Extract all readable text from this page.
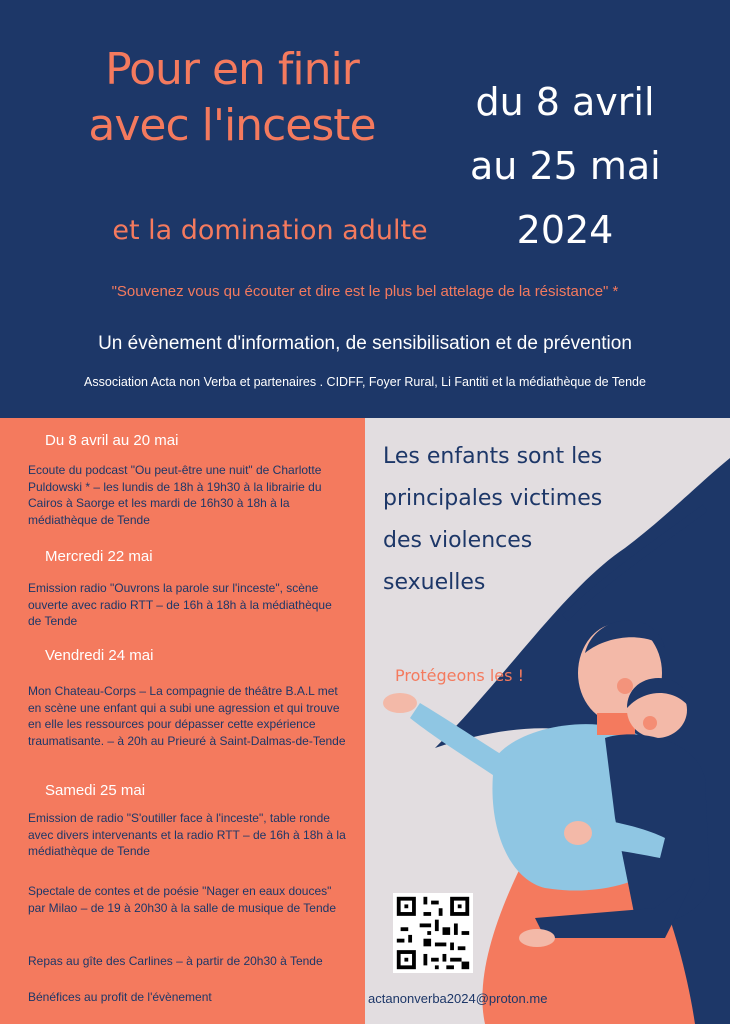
Pour en finir
avec l'inceste
et la domination adulte
du 8 avril
au 25 mai
2024
"Souvenez vous qu écouter et dire est le plus bel attelage de la résistance" *
Un évènement d'information, de sensibilisation et de prévention
Association Acta non Verba et partenaires . CIDFF, Foyer Rural, Li Fantiti et la médiathèque de Tende
Du 8 avril au 20 mai
Ecoute du podcast "Ou peut-être une nuit" de Charlotte Puldowski * – les lundis de 18h à 19h30 à la librairie du Cairos à Saorge et les mardi de 16h30 à 18h à la médiathèque de Tende
Mercredi 22 mai
Emission radio "Ouvrons la parole sur l'inceste", scène ouverte avec radio RTT – de 16h à 18h à la médiathèque de Tende
Vendredi 24 mai
Mon Chateau-Corps – La compagnie de théâtre B.A.L met en scène une enfant qui a subi une agression et qui trouve en elle les ressources pour dépasser cette expérience traumatisante. – à 20h au Prieuré à Saint-Dalmas-de-Tende
Samedi 25 mai
Emission de radio "S'outiller face à l'inceste", table ronde avec divers intervenants et la radio RTT – de 16h à 18h à la médiathèque de Tende
Spectale de contes et de poésie "Nager en eaux douces" par Milao – de 19 à 20h30 à la salle de musique de Tende
Repas au gîte des Carlines – à partir de 20h30 à Tende
Bénéfices au profit de l'évènement
Les enfants sont les
principales victimes
des violences
sexuelles
Protégeons les !
actanonverba2024@proton.me
